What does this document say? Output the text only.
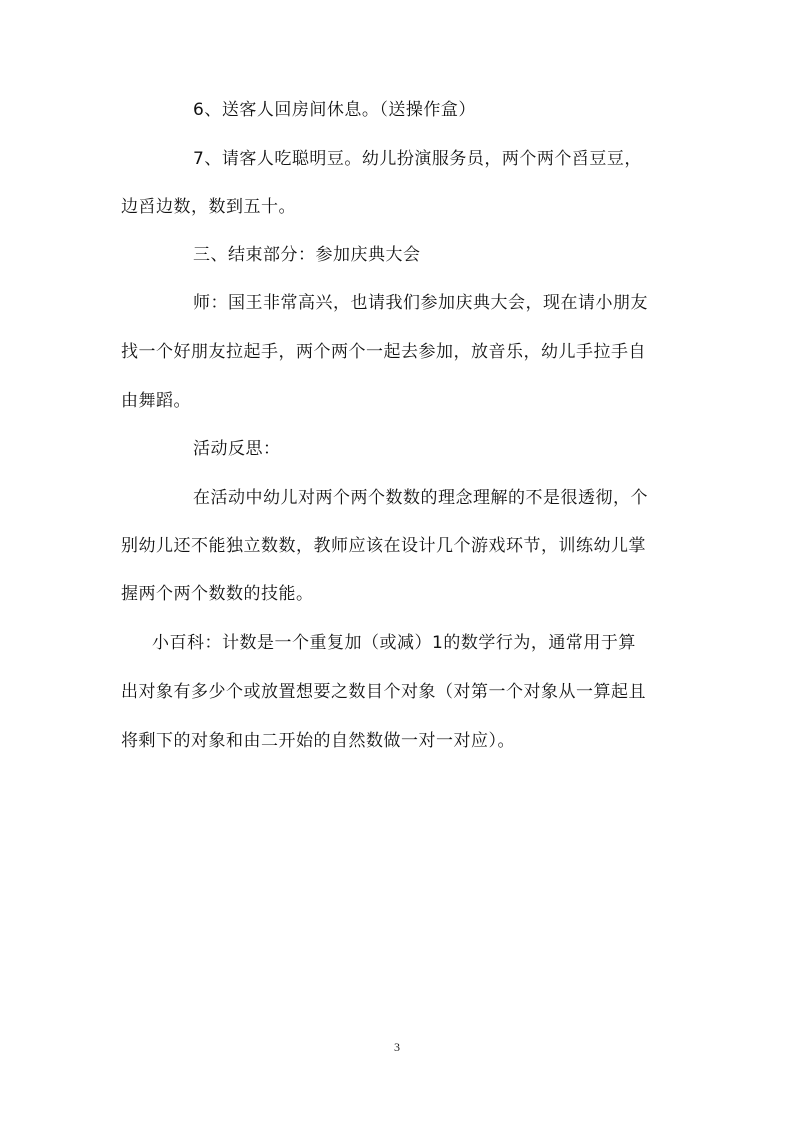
6、送客人回房间休息。（送操作盒）
7、请客人吃聪明豆。幼儿扮演服务员，两个两个舀豆豆，
边舀边数，数到五十。
三、结束部分：参加庆典大会
师：国王非常高兴，也请我们参加庆典大会，现在请小朋友
找一个好朋友拉起手，两个两个一起去参加，放音乐，幼儿手拉手自
由舞蹈。
活动反思：
在活动中幼儿对两个两个数数的理念理解的不是很透彻，个
别幼儿还不能独立数数，教师应该在设计几个游戏环节，训练幼儿掌
握两个两个数数的技能。
小百科：计数是一个重复加（或减）1的数学行为，通常用于算
出对象有多少个或放置想要之数目个对象（对第一个对象从一算起且
将剩下的对象和由二开始的自然数做一对一对应）。
3
